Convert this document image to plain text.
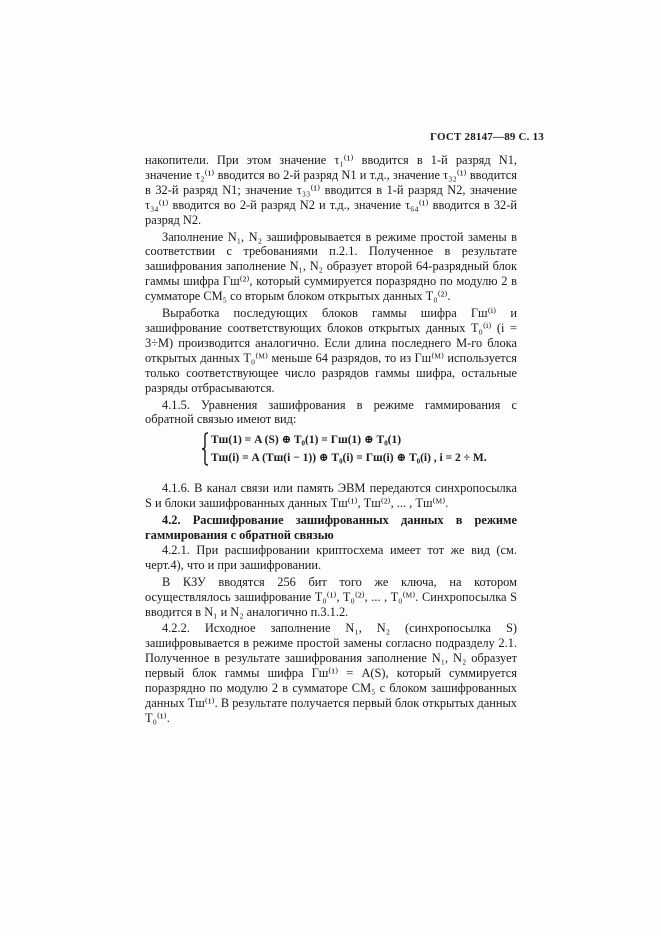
ГОСТ 28147—89 С. 13

накопители. При этом значение τ₁⁽¹⁾ вводится в 1-й разряд N1, значение τ₂⁽¹⁾ вводится во 2-й разряд N1 и т.д., значение τ₃₂⁽¹⁾ вводится в 32-й разряд N1; значение τ₃₃⁽¹⁾ вводится в 1-й разряд N2, значение τ₃₄⁽¹⁾ вводится во 2-й разряд N2 и т.д., значение τ₆₄⁽¹⁾ вводится в 32-й разряд N2.

Заполнение N₁, N₂ зашифровывается в режиме простой замены в соответствии с требованиями п.2.1. Полученное в результате зашифрования заполнение N₁, N₂ образует второй 64-разрядный блок гаммы шифра Гш⁽²⁾, который суммируется поразрядно по модулю 2 в сумматоре СМ₅ со вторым блоком открытых данных T₀⁽²⁾.

Выработка последующих блоков гаммы шифра Гш⁽ⁱ⁾ и зашифрование соответствующих блоков открытых данных T₀⁽ⁱ⁾ (i = 3÷M) производится аналогично. Если длина последнего М-го блока открытых данных T₀⁽ᴹ⁾ меньше 64 разрядов, то из Гш⁽ᴹ⁾ используется только соответствующее число разрядов гаммы шифра, остальные разряды отбрасываются.

4.1.5. Уравнения зашифрования в режиме гаммирования с обратной связью имеют вид:

Tш(1) = A (S) ⊕ T₀(1) = Гш(1) ⊕ T₀(1)
Tш(i) = A (Tш(i − 1)) ⊕ T₀(i) = Гш(i) ⊕ T₀(i) , i = 2 ÷ M.

4.1.6. В канал связи или память ЭВМ передаются синхропосылка S и блоки зашифрованных данных Tш⁽¹⁾, Tш⁽²⁾, ... , Tш⁽ᴹ⁾.

4.2. Расшифрование зашифрованных данных в режиме гаммирования с обратной связью

4.2.1. При расшифровании криптосхема имеет тот же вид (см. черт.4), что и при зашифровании.

В КЗУ вводятся 256 бит того же ключа, на котором осуществлялось зашифрование T₀⁽¹⁾, T₀⁽²⁾, ... , T₀⁽ᴹ⁾. Синхропосылка S вводится в N₁ и N₂ аналогично п.3.1.2.

4.2.2. Исходное заполнение N₁, N₂ (синхропосылка S) зашифровывается в режиме простой замены согласно подразделу 2.1. Полученное в результате зашифрования заполнение N₁, N₂ образует первый блок гаммы шифра Гш⁽¹⁾ = A(S), который суммируется поразрядно по модулю 2 в сумматоре СМ₅ с блоком зашифрованных данных Tш⁽¹⁾. В результате получается первый блок открытых данных T₀⁽¹⁾.
